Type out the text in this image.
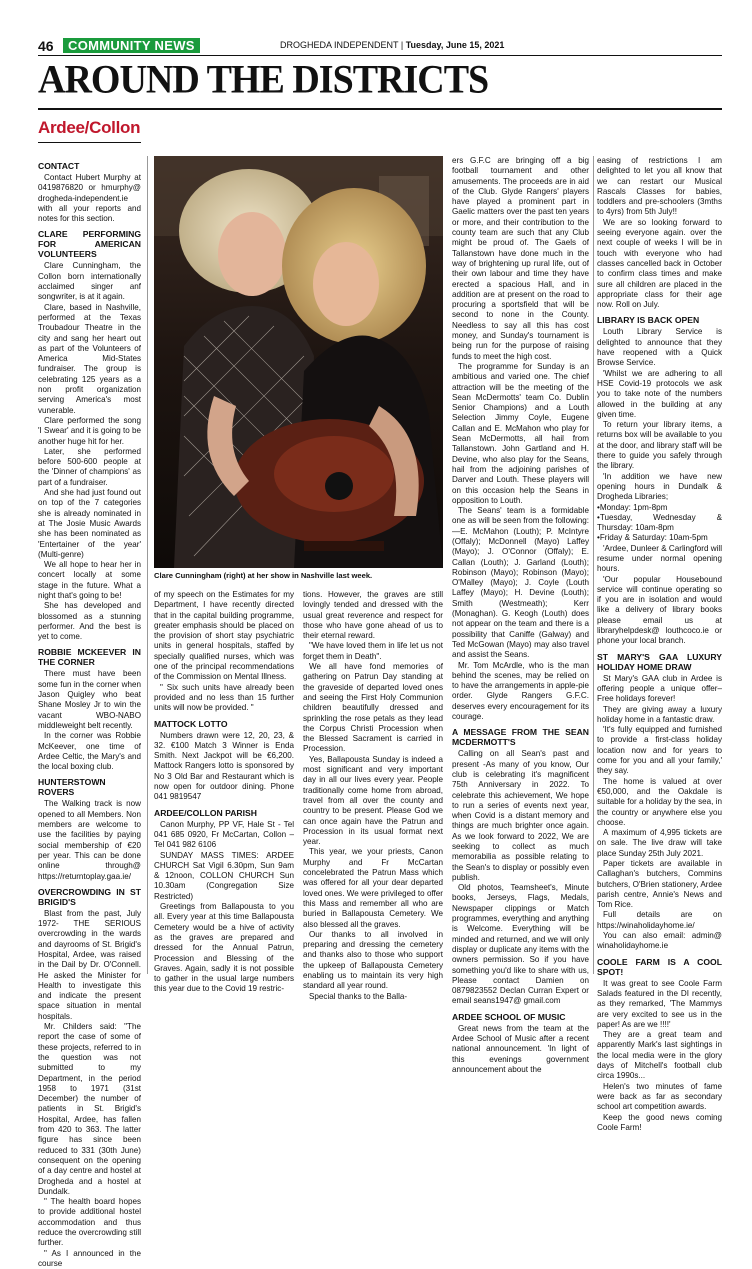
46	COMMUNITY NEWS	DROGHEDA INDEPENDENT | Tuesday, June 15, 2021
AROUND THE DISTRICTS
Ardee/Collon
CONTACT

Contact Hubert Murphy at 0419876820 or hmurphy@ drogheda-independent.ie with all your reports and notes for this section.

CLARE PERFORMING FOR AMERICAN VOLUNTEERS

Clare Cunningham, the Collon born internationally acclaimed singer anf songwriter, is at it again.

Clare, based in Nashville, performed at the Texas Troubadour Theatre in the city and sang her heart out as part of the Volunteers of America Mid-States fundraiser. The group is celebrating 125 years as a non profit organization serving America's most vunerable.

Clare performed the song 'I Swear' and it is going to be another huge hit for her.

Later, she performed before 500-600 people at the 'Dinner of champions' as part of a fundraiser.

And she had just found out on top of the 7 categories she is already nominated in at The Josie Music Awards she has been nominated as 'Entertainer of the year' (Multi-genre)

We all hope to hear her in concert locally at some stage in the future. What a night that's going to be!

She has developed and blossomed as a stunning performer. And the best is yet to come.

ROBBIE MCKEEVER IN THE CORNER

There must have been some fun in the corner when Jason Quigley who beat Shane Mosley Jr to win the vacant WBO-NABO middleweight belt recently.

In the corner was Robbie McKeever, one time of Ardee Celtic, the Mary's and the local boxing club.

HUNTERSTOWN ROVERS

The Walking track is now opened to all Members. Non members are welcome to use the facilities by paying social membership of €20 per year. This can be done online through@ https://returntoplay.gaa.ie/

OVERCROWDING IN ST BRIGID'S

Blast from the past, July 1972- THE SERIOUS overcrowding in the wards and dayrooms of St. Brigid's Hospital, Ardee, was raised in the Dail by Dr. O'Connell. He asked the Minister for Health to investigate this and indicate the present space situation in mental hospitals.

Mr. Childers said: "The report the case of some of these projects, referred to in the question was not submitted to my Department, in the period 1958 to 1971 (31st December) the number of patients in St. Brigid's Hospital, Ardee, has fallen from 420 to 363. The latter figure has since been reduced to 331 (30th June) consequent on the opening of a day centre and hostel at Drogheda and a hostel at Dundalk.

" The health board hopes to provide additional hostel accommodation and thus reduce the overcrowding still further.

" As I announced in the course

Clare Cunningham (right) at her show in Nashville last week.

of my speech on the Estimates for my Department, I have recently directed that in the capital building programme, greater emphasis should be placed on the provision of short stay psychiatric units in general hospitals, staffed by specially qualified nurses, which was one of the principal recommendations of the Commission on Mental Illness.

" Six such units have already been provided and no less than 15 further units will now be provided. "

MATTOCK LOTTO

Numbers drawn were 12, 20, 23, & 32. €100 Match 3 Winner is Enda Smith. Next Jackpot will be €6,200. Mattock Rangers lotto is sponsored by No 3 Old Bar and Restaurant which is now open for outdoor dining. Phone 041 9819547

ARDEE/COLLON PARISH

Canon Murphy, PP VF, Hale St - Tel 041 685 0920, Fr McCartan, Collon – Tel 041 982 6106

SUNDAY MASS TIMES: ARDEE CHURCH Sat Vigil 6.30pm, Sun 9am & 12noon, COLLON CHURCH Sun 10.30am (Congregation Size Restricted)

Greetings from Ballapousta to you all. Every year at this time Ballapousta Cemetery would be a hive of activity as the graves are prepared and dressed for the Annual Patrun, Procession and Blessing of the Graves. Again, sadly it is not possible to gather in the usual large numbers this year due to the Covid 19 restric-

tions. However, the graves are still lovingly tended and dressed with the usual great reverence and respect for those who have gone ahead of us to their eternal reward.

"We have loved them in life let us not forget them in Death".

We all have fond memories of gathering on Patrun Day standing at the graveside of departed loved ones and seeing the First Holy Communion children beautifully dressed and sprinkling the rose petals as they lead the Corpus Christi Procession when the Blessed Sacrament is carried in Procession.

Yes, Ballapousta Sunday is indeed a most significant and very important day in all our lives every year. People traditionally come home from abroad, travel from all over the county and country to be present. Please God we can once again have the Patrun and Procession in its usual format next year.

This year, we your priests, Canon Murphy and Fr McCartan concelebrated the Patrun Mass which was offered for all your dear departed loved ones. We were privileged to offer this Mass and remember all who are buried in Ballapousta Cemetery. We also blessed all the graves.

Our thanks to all involved in preparing and dressing the cemetery and thanks also to those who support the upkeep of Ballapousta Cemetery enabling us to maintain its very high standard all year round.

Special thanks to the Balla-

ers G.F.C are bringing off a big football tournament and other amusements. The proceeds are in aid of the Club. Glyde Rangers' players have played a prominent part in Gaelic matters over the past ten years or more, and their contribution to the county team are such that any Club might be proud of. The Gaels of Tallanstown have done much in the way of brightening up rural life, out of their own labour and time they have erected a spacious Hall, and in addition are at present on the road to procuring a sportsfield that will be second to none in the County. Needless to say all this has cost money, and Sunday's tournament is being run for the purpose of raising funds to meet the high cost.

The programme for Sunday is an ambitious and varied one. The chief attraction will be the meeting of the Sean McDermotts' team Co. Dublin Senior Champions) and a Louth Selection Jimmy Coyle, Eugene Callan and E. McMahon who play for Sean McDermotts, all hail from Tallanstown. John Gartland and H. Devine, who also play for the Seans, hail from the adjoining parishes of Darver and Louth. These players will on this occasion help the Seans in opposition to Louth.

The Seans' team is a formidable one as will be seen from the following:—E. McMahon (Louth); P. McIntyre (Offaly); McDonnell (Mayo) Laffey (Mayo); J. O'Connor (Offaly); E. Callan (Louth); J. Garland (Louth); Robinson (Mayo); Robinson (Mayo); O'Malley (Mayo); J. Coyle (Louth Laffey (Mayo); H. Devine (Louth); Smith (Westmeath); Kerr (Monaghan). G. Keogh (Louth) does not appear on the team and there is a possibility that Caniffe (Galway) and Ted McGowan (Mayo) may also travel and assist the Seans.

Mr. Tom McArdle, who is the man behind the scenes, may be relied on to have the arrangements in apple-pie order. Glyde Rangers G.F.C. deserves every encouragement for its courage.

A MESSAGE FROM THE SEAN MCDERMOTT'S

Calling on all Sean's past and present -As many of you know, Our club is celebrating it's magnificent 75th Anniversary in 2022. To celebrate this achievement, We hope to run a series of events next year, when Covid is a distant memory and things are much brighter once again. As we look forward to 2022, We are seeking to collect as much memorabilia as possible relating to the Sean's to display or possibly even publish.

Old photos, Teamsheet's, Minute books, Jerseys, Flags, Medals, Newspaper clippings or Match programmes, everything and anything is Welcome. Everything will be minded and returned, and we will only display or duplicate any items with the owners permission. So if you have something you'd like to share with us, Please contact Damien on 0879823552 Declan Curran Expert or email seans1947@ gmail.com

ARDEE SCHOOL OF MUSIC

Great news from the team at the Ardee School of Music after a recent national announcement. 'In light of this evenings government announcement about the

easing of restrictions I am delighted to let you all know that we can restart our Musical Rascals Classes for babies, toddlers and pre-schoolers (3mths to 4yrs) from 5th July!!

We are so looking forward to seeing everyone again. over the next couple of weeks I will be in touch with everyone who had classes cancelled back in October to confirm class times and make sure all children are placed in the appropriate class for their age now. Roll on July.

LIBRARY IS BACK OPEN

Louth Library Service is delighted to announce that they have reopened with a Quick Browse Service.

'Whilst we are adhering to all HSE Covid-19 protocols we ask you to take note of the numbers allowed in the building at any given time.

To return your library items, a returns box will be available to you at the door, and library staff will be there to guide you safely through the library.

'In addition we have new opening hours in Dundalk & Drogheda Libraries;

•Monday: 1pm-8pm

•Tuesday, Wednesday & Thursday: 10am-8pm

•Friday & Saturday: 10am-5pm

'Ardee, Dunleer & Carlingford will resume under normal opening hours.

'Our popular Housebound service will continue operating so if you are in isolation and would like a delivery of library books please email us at libraryhelpdesk@ louthcoco.ie or phone your local branch.

ST MARY'S GAA LUXURY HOLIDAY HOME DRAW

St Mary's GAA club in Ardee is offering people a unique offer– Free holidays forever!

They are giving away a luxury holiday home in a fantastic draw.

'It's fully equipped and furnished to provide a first-class holiday location now and for years to come for you and all your family,' they say.

The home is valued at over €50,000, and the Oakdale is suitable for a holiday by the sea, in the country or anywhere else you choose.

A maximum of 4,995 tickets are on sale. The live draw will take place Sunday 25th July 2021.

Paper tickets are available in Callaghan's butchers, Commins butchers, O'Brien stationery, Ardee parish centre, Annie's News and Tom Rice.

Full details are on https://winaholidayhome.ie/

You can also email: admin@ winaholidayhome.ie

COOLE FARM IS A COOL SPOT!

It was great to see Coole Farm Salads featured in the DI recently, as they remarked, 'The Mammys are very excited to see us in the paper! As are we !!!!'

They are a great team and apparently Mark's last sightings in the local media were in the glory days of Mitchell's football club circa 1990s...

Helen's two minutes of fame were back as far as secondary school art competition awards.

Keep the good news coming Coole Farm!
